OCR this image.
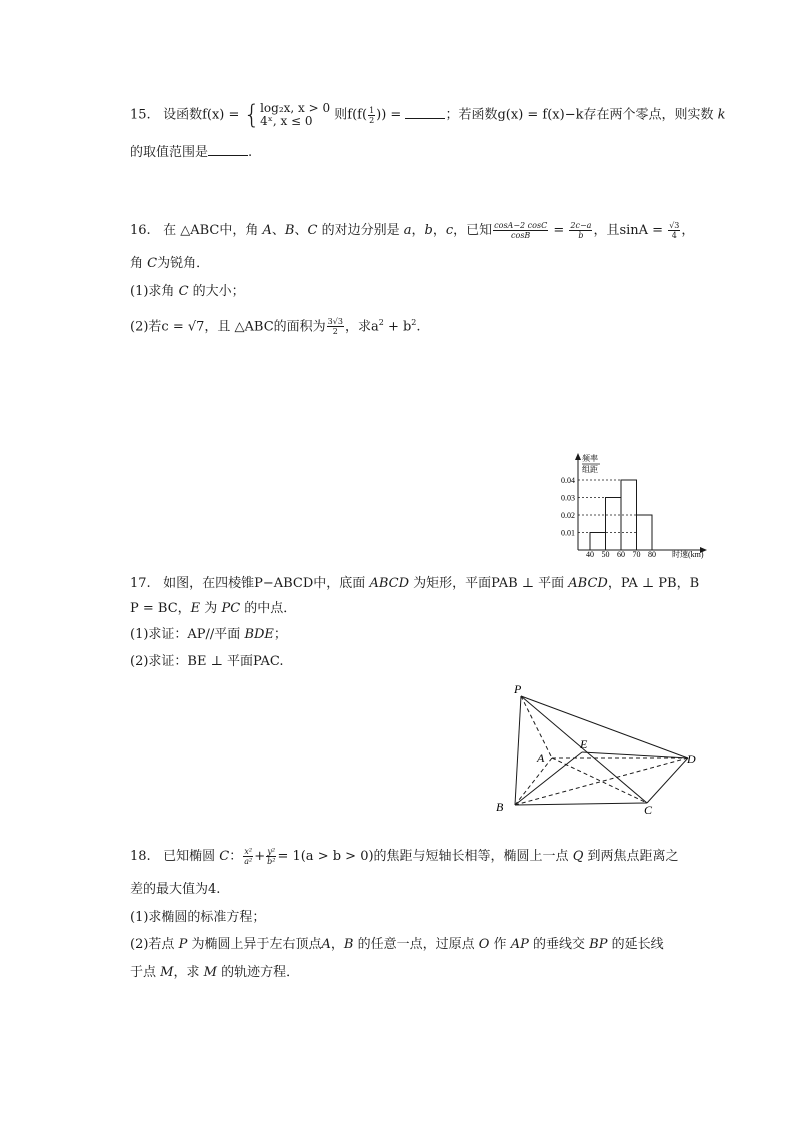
15. 设函数f(x) = { log₂x, x > 0
4ˣ, x ≤ 0	则$f(f( \frac{1}{2}$ )) =	；若函数g(x) = f(x)−k存在两个零点，则实数 k
的取值范围是	.
16. 在 △ABC中，角 A、B、C 的对边分别是 a，b，c，已知 $\frac{\cos A-2 \cos C}{\cos B} = \frac{2c-a}{b}$ ，且$\sin A = \frac{√3}{4}$ ，
角 C为锐角．
(1)求角 C 的大小；
(2)若c = √7，且 △ABC的面积为 $\frac{3√3}{2}$ ，求$a^2 + b^2$.
频率
组距
0.04
0.03
0.02
0.01
40 50 60 70 80 时速(km)
17. 如图，在四棱锥P−ABCD中，底面 ABCD 为矩形，平面PAB ⊥ 平面 ABCD，PA ⊥ PB，B
P = BC，E 为 PC 的中点．
(1)求证：AP//平面 BDE；
(2)求证：BE ⊥ 平面PAC.
P
A
E
D
B	C
18. 已知椭圆 C： $\frac{\text{x²}}{\text{a²}} + \frac{\text{y²}}{\text{b²}} = 1(a > b > 0)$的焦距与短轴长相等，椭圆上一点 Q 到两焦点距离之
差的最大值为4.
(1)求椭圆的标准方程；
(2)若点 P 为椭圆上异于左右顶点A，B 的任意一点，过原点 O 作 AP 的垂线交 BP 的延长线
于点 M，求 M 的轨迹方程．
